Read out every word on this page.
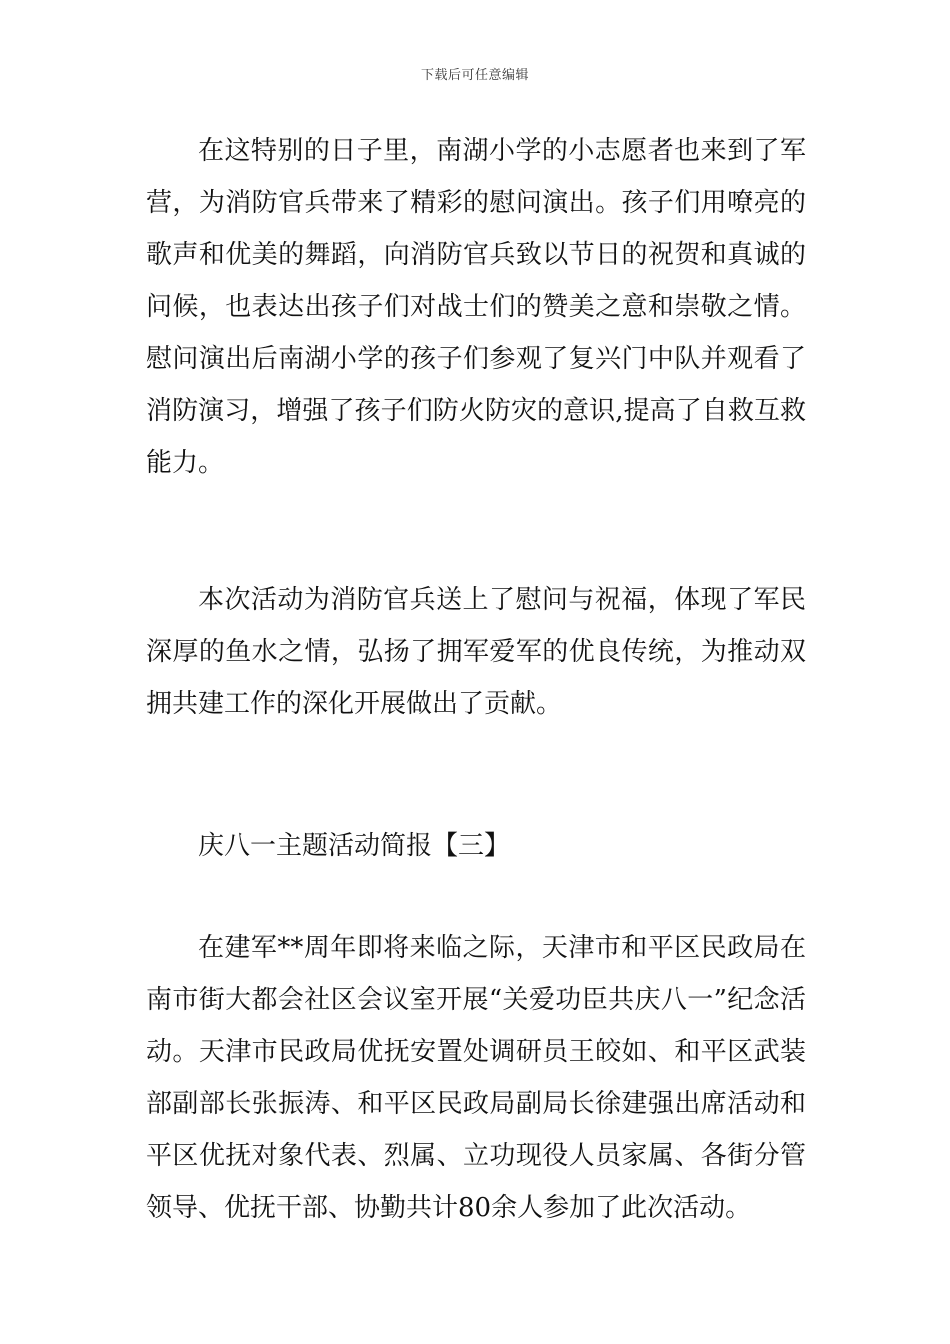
下载后可任意编辑

在这特别的日子里，南湖小学的小志愿者也来到了军营，为消防官兵带来了精彩的慰问演出。孩子们用嘹亮的歌声和优美的舞蹈，向消防官兵致以节日的祝贺和真诚的问候，也表达出孩子们对战士们的赞美之意和崇敬之情。慰问演出后南湖小学的孩子们参观了复兴门中队并观看了消防演习，增强了孩子们防火防灾的意识,提高了自救互救能力。

本次活动为消防官兵送上了慰问与祝福，体现了军民深厚的鱼水之情，弘扬了拥军爱军的优良传统，为推动双拥共建工作的深化开展做出了贡献。

庆八一主题活动简报【三】

在建军**周年即将来临之际，天津市和平区民政局在南市街大都会社区会议室开展“关爱功臣共庆八一”纪念活动。天津市民政局优抚安置处调研员王皎如、和平区武装部副部长张振涛、和平区民政局副局长徐建强出席活动和平区优抚对象代表、烈属、立功现役人员家属、各街分管领导、优抚干部、协勤共计80余人参加了此次活动。
